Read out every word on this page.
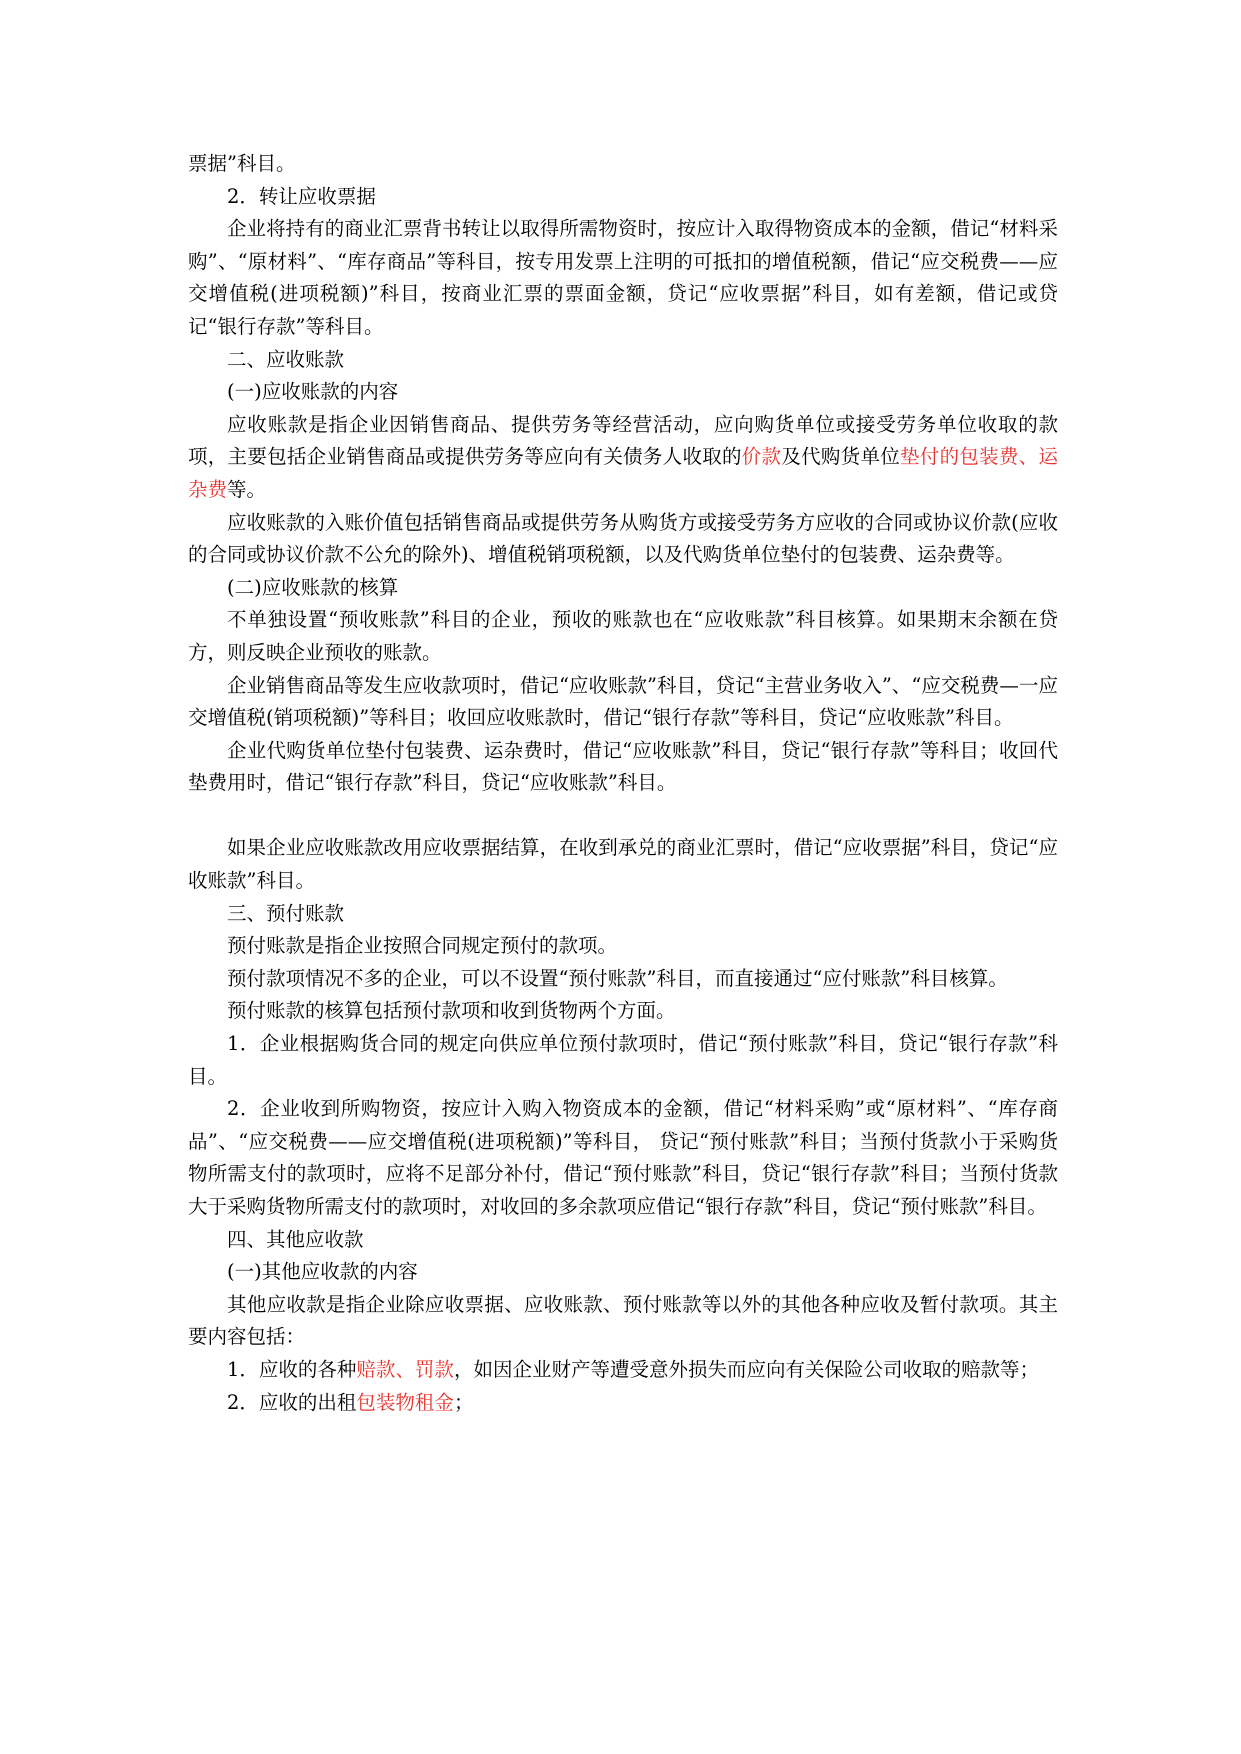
票据”科目。

2．转让应收票据

企业将持有的商业汇票背书转让以取得所需物资时，按应计入取得物资成本的金额，借记“材料采购”、“原材料”、“库存商品”等科目，按专用发票上注明的可抵扣的增值税额，借记“应交税费——应交增值税(进项税额)”科目，按商业汇票的票面金额，贷记“应收票据”科目，如有差额，借记或贷记“银行存款”等科目。

二、应收账款

(一)应收账款的内容

应收账款是指企业因销售商品、提供劳务等经营活动，应向购货单位或接受劳务单位收取的款项，主要包括企业销售商品或提供劳务等应向有关债务人收取的价款及代购货单位垫付的包装费、运杂费等。

应收账款的入账价值包括销售商品或提供劳务从购货方或接受劳务方应收的合同或协议价款(应收的合同或协议价款不公允的除外)、增值税销项税额，以及代购货单位垫付的包装费、运杂费等。

(二)应收账款的核算

不单独设置“预收账款”科目的企业，预收的账款也在“应收账款”科目核算。如果期末余额在贷方，则反映企业预收的账款。

企业销售商品等发生应收款项时，借记“应收账款”科目，贷记“主营业务收入”、“应交税费—一应交增值税(销项税额)”等科目；收回应收账款时，借记“银行存款”等科目，贷记“应收账款”科目。

企业代购货单位垫付包装费、运杂费时，借记“应收账款”科目，贷记“银行存款”等科目；收回代垫费用时，借记“银行存款”科目，贷记“应收账款”科目。

如果企业应收账款改用应收票据结算，在收到承兑的商业汇票时，借记“应收票据”科目，贷记“应收账款”科目。

三、预付账款

预付账款是指企业按照合同规定预付的款项。

预付款项情况不多的企业，可以不设置“预付账款”科目，而直接通过“应付账款”科目核算。

预付账款的核算包括预付款项和收到货物两个方面。

1．企业根据购货合同的规定向供应单位预付款项时，借记“预付账款”科目，贷记“银行存款”科目。

2．企业收到所购物资，按应计入购入物资成本的金额，借记“材料采购”或“原材料”、“库存商品”、“应交税费——应交增值税(进项税额)”等科目， 贷记“预付账款”科目；当预付货款小于采购货物所需支付的款项时，应将不足部分补付，借记“预付账款”科目，贷记“银行存款”科目；当预付货款大于采购货物所需支付的款项时，对收回的多余款项应借记“银行存款”科目，贷记“预付账款”科目。

四、其他应收款

(一)其他应收款的内容

其他应收款是指企业除应收票据、应收账款、预付账款等以外的其他各种应收及暂付款项。其主要内容包括：

1．应收的各种赔款、罚款，如因企业财产等遭受意外损失而应向有关保险公司收取的赔款等；

2．应收的出租包装物租金；
